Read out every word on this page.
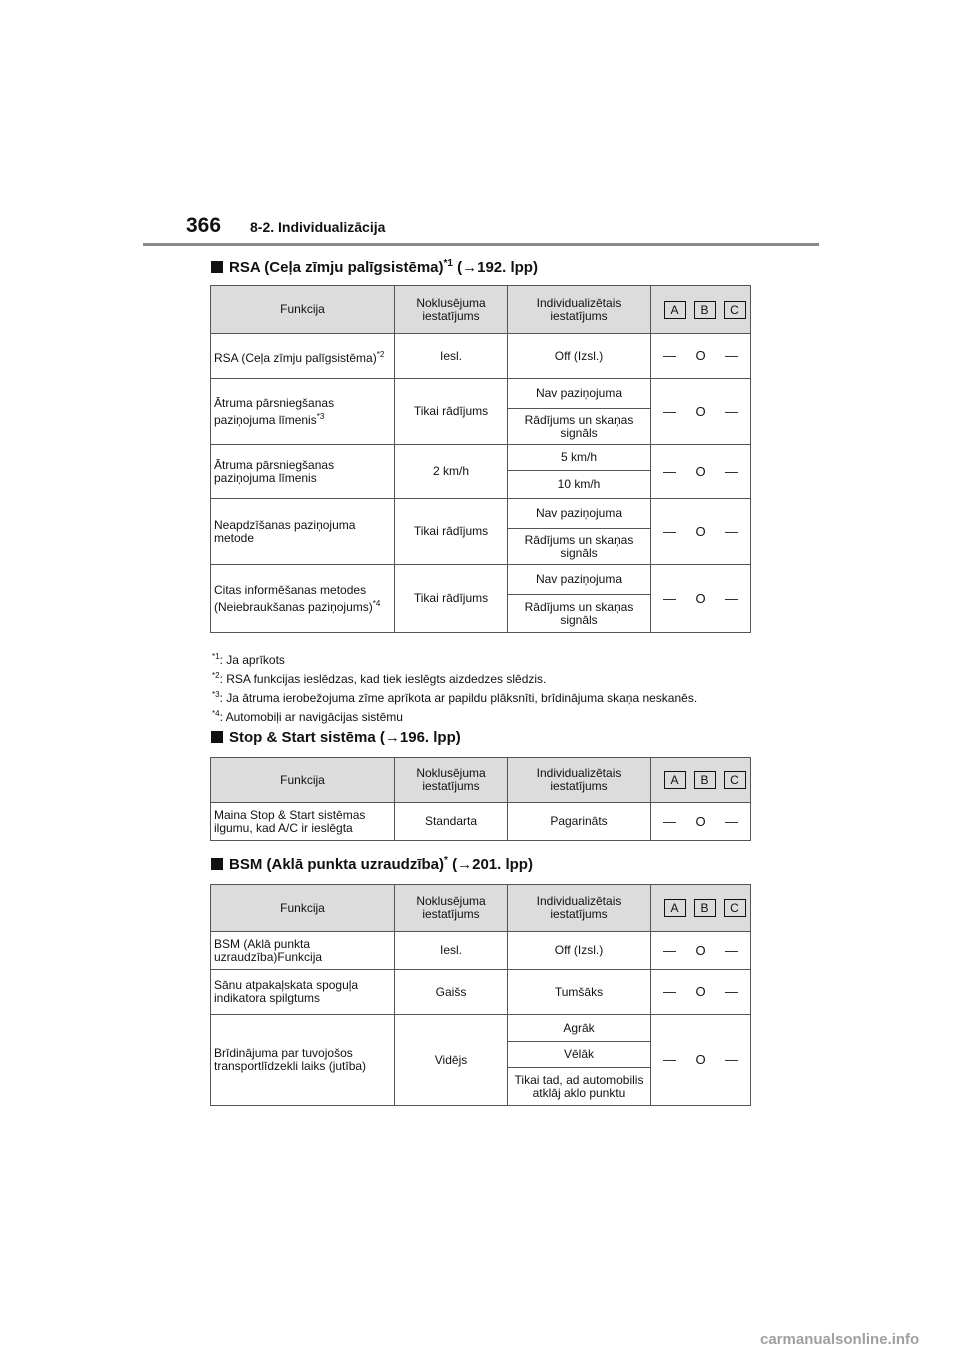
366 8-2. Individualizācija
RSA (Ceļa zīmju palīgsistēma)$^{*1}$ (→192. lpp)
Funkcija	Noklusējuma iestatījums	Individualizētais iestatījums	A B C
RSA (Ceļa zīmju palīgsistēma)$^{*2}$	Iesl.	Off (Izsl.)	— O —
Ātruma pārsniegšanas paziņojuma līmenis$^{*3}$	Tikai rādījums	Nav paziņojuma	— O —
		Rādījums un skaņas signāls	
Ātruma pārsniegšanas paziņojuma līmenis	2 km/h	5 km/h	— O —
		10 km/h	
Neapdzīšanas paziņojuma metode	Tikai rādījums	Nav paziņojuma	— O —
		Rādījums un skaņas signāls	
Citas informēšanas metodes (Neiebraukšanas paziņojums)$^{*4}$	Tikai rādījums	Nav paziņojuma	— O —
		Rādījums un skaņas signāls	
$^{*1}$: Ja aprīkots
$^{*2}$: RSA funkcijas ieslēdzas, kad tiek ieslēgts aizdedzes slēdzis.
$^{*3}$: Ja ātruma ierobežojuma zīme aprīkota ar papildu plāksnīti, brīdinājuma skaņa neskanēs.
$^{*4}$: Automobiļi ar navigācijas sistēmu
Stop & Start sistēma (→196. lpp)
Funkcija	Noklusējuma iestatījums	Individualizētais iestatījums	A B C
Maina Stop & Start sistēmas ilgumu, kad A/C ir ieslēgta	Standarta	Pagarināts	— O —
BSM (Aklā punkta uzraudzība)* (→201. lpp)
Funkcija	Noklusējuma iestatījums	Individualizētais iestatījums	A B C
BSM (Aklā punkta uzraudzība)Funkcija	Iesl.	Off (Izsl.)	— O —
Sānu atpakaļskata spoguļa indikatora spilgtums	Gaišs	Tumšāks	— O —
Brīdinājuma par tuvojošos transportlīdzekli laiks (jutība)	Vidējs	Agrāk	— O —
		Vēlāk	
		Tikai tad, ad automobilis atklāj aklo punktu	
carmanualsonline.info
